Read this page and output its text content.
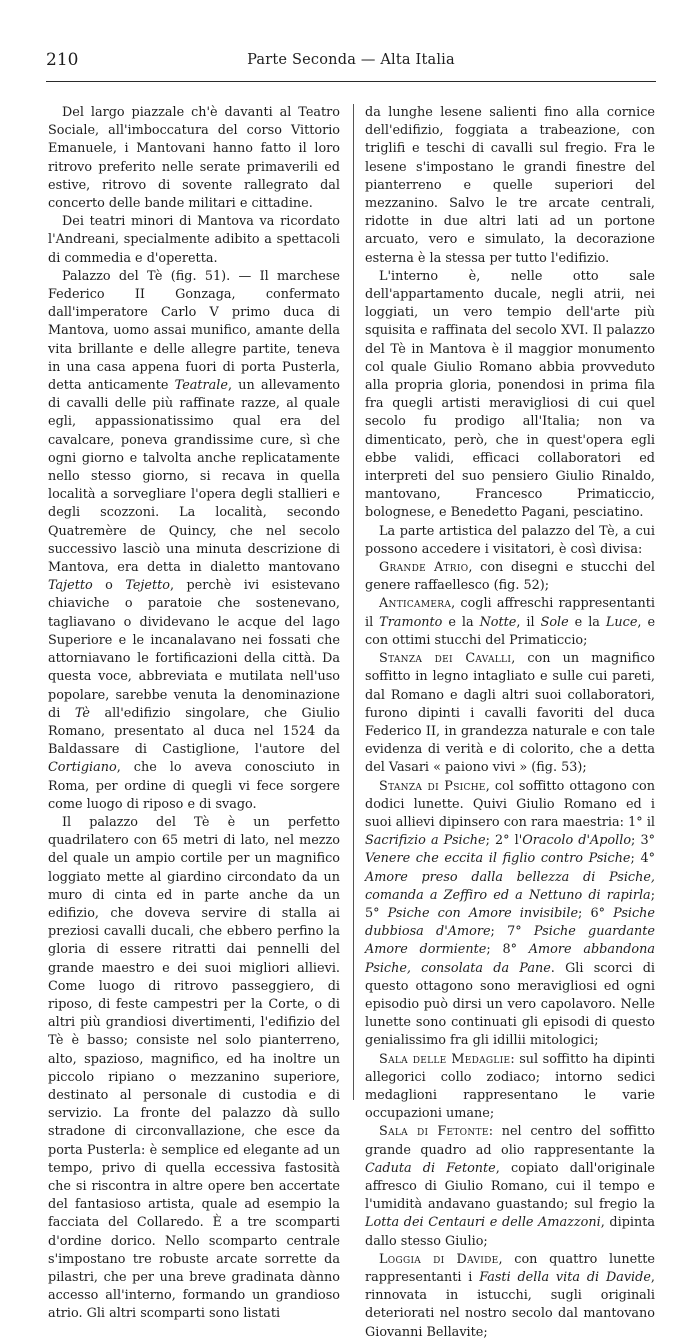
210	Parte Seconda — Alta Italia

Del largo piazzale ch'è davanti al Teatro Sociale, all'imboccatura del corso Vittorio Emanuele, i Mantovani hanno fatto il loro ritrovo preferito nelle serate primaverili ed estive, ritrovo di sovente rallegrato dal concerto delle bande militari e cittadine.

Dei teatri minori di Mantova va ricordato l'Andreani, specialmente adibito a spettacoli di commedia e d'operetta.

Palazzo del Tè (fig. 51). — Il marchese Federico II Gonzaga, confermato dall'imperatore Carlo V primo duca di Mantova, uomo assai munifico, amante della vita brillante e delle allegre partite, teneva in una casa appena fuori di porta Pusterla, detta anticamente Teatrale, un allevamento di cavalli delle più raffinate razze, al quale egli, appassionatissimo qual era del cavalcare, poneva grandissime cure, sì che ogni giorno e talvolta anche replicatamente nello stesso giorno, si recava in quella località a sorvegliare l'opera degli stallieri e degli scozzoni. La località, secondo Quatremère de Quincy, che nel secolo successivo lasciò una minuta descrizione di Mantova, era detta in dialetto mantovano Tajetto o Tejetto, perchè ivi esistevano chiaviche o paratoie che sostenevano, tagliavano o dividevano le acque del lago Superiore e le incanalavano nei fossati che attorniavano le fortificazioni della città. Da questa voce, abbreviata e mutilata nell'uso popolare, sarebbe venuta la denominazione di Tè all'edifizio singolare, che Giulio Romano, presentato al duca nel 1524 da Baldassare di Castiglione, l'autore del Cortigiano, che lo aveva conosciuto in Roma, per ordine di quegli vi fece sorgere come luogo di riposo e di svago.

Il palazzo del Tè è un perfetto quadrilatero con 65 metri di lato, nel mezzo del quale un ampio cortile per un magnifico loggiato mette al giardino circondato da un muro di cinta ed in parte anche da un edifizio, che doveva servire di stalla ai preziosi cavalli ducali, che ebbero perfino la gloria di essere ritratti dai pennelli del grande maestro e dei suoi migliori allievi. Come luogo di ritrovo passeggiero, di riposo, di feste campestri per la Corte, o di altri più grandiosi divertimenti, l'edifizio del Tè è basso; consiste nel solo pianterreno, alto, spazioso, magnifico, ed ha inoltre un piccolo ripiano o mezzanino superiore, destinato al personale di custodia e di servizio. La fronte del palazzo dà sullo stradone di circonvallazione, che esce da porta Pusterla: è semplice ed elegante ad un tempo, privo di quella eccessiva fastosità che si riscontra in altre opere ben accertate del fantasioso artista, quale ad esempio la facciata del Collaredo. È a tre scomparti d'ordine dorico. Nello scomparto centrale s'impostano tre robuste arcate sorrette da pilastri, che per una breve gradinata dànno accesso all'interno, formando un grandioso atrio. Gli altri scomparti sono listati

da lunghe lesene salienti fino alla cornice dell'edifizio, foggiata a trabeazione, con triglifi e teschi di cavalli sul fregio. Fra le lesene s'impostano le grandi finestre del pianterreno e quelle superiori del mezzanino. Salvo le tre arcate centrali, ridotte in due altri lati ad un portone arcuato, vero e simulato, la decorazione esterna è la stessa per tutto l'edifizio.

L'interno è, nelle otto sale dell'appartamento ducale, negli atrii, nei loggiati, un vero tempio dell'arte più squisita e raffinata del secolo XVI. Il palazzo del Tè in Mantova è il maggior monumento col quale Giulio Romano abbia provveduto alla propria gloria, ponendosi in prima fila fra quegli artisti meravigliosi di cui quel secolo fu prodigo all'Italia; non va dimenticato, però, che in quest'opera egli ebbe validi, efficaci collaboratori ed interpreti del suo pensiero Giulio Rinaldo, mantovano, Francesco Primaticcio, bolognese, e Benedetto Pagani, pesciatino.

La parte artistica del palazzo del Tè, a cui possono accedere i visitatori, è così divisa:

Grande Atrio, con disegni e stucchi del genere raffaellesco (fig. 52);

Anticamera, cogli affreschi rappresentanti il Tramonto e la Notte, il Sole e la Luce, e con ottimi stucchi del Primaticcio;

Stanza dei Cavalli, con un magnifico soffitto in legno intagliato e sulle cui pareti, dal Romano e dagli altri suoi collaboratori, furono dipinti i cavalli favoriti del duca Federico II, in grandezza naturale e con tale evidenza di verità e di colorito, che a detta del Vasari « paiono vivi » (fig. 53);

Stanza di Psiche, col soffitto ottagono con dodici lunette. Quivi Giulio Romano ed i suoi allievi dipinsero con rara maestria: 1° il Sacrifizio a Psiche; 2° l'Oracolo d'Apollo; 3° Venere che eccita il figlio contro Psiche; 4° Amore preso dalla bellezza di Psiche, comanda a Zeffiro ed a Nettuno di rapirla; 5° Psiche con Amore invisibile; 6° Psiche dubbiosa d'Amore; 7° Psiche guardante Amore dormiente; 8° Amore abbandona Psiche, consolata da Pane. Gli scorci di questo ottagono sono meravigliosi ed ogni episodio può dirsi un vero capolavoro. Nelle lunette sono continuati gli episodi di questo genialissimo fra gli idillii mitologici;

Sala delle Medaglie: sul soffitto ha dipinti allegorici collo zodiaco; intorno sedici medaglioni rappresentano le varie occupazioni umane;

Sala di Fetonte: nel centro del soffitto grande quadro ad olio rappresentante la Caduta di Fetonte, copiato dall'originale affresco di Giulio Romano, cui il tempo e l'umidità andavano guastando; sul fregio la Lotta dei Centauri e delle Amazzoni, dipinta dallo stesso Giulio;

Loggia di Davide, con quattro lunette rappresentanti i Fasti della vita di Davide, rinnovata in istucchi, sugli originali deteriorati nel nostro secolo dal mantovano Giovanni Bellavite;
